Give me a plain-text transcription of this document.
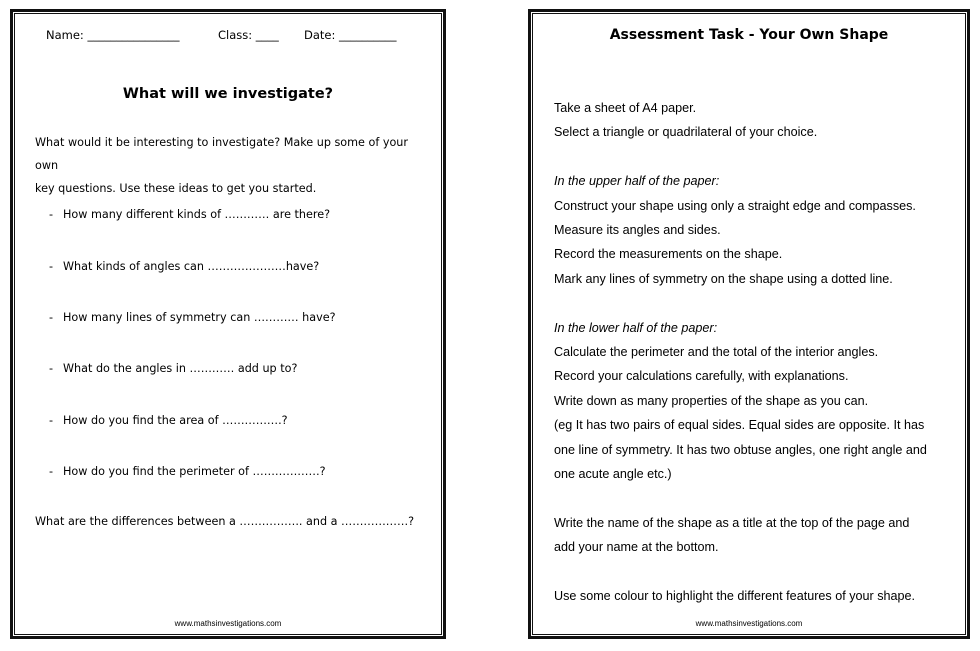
Name: ________________	Class: ____	Date: __________
What will we investigate?
What would it be interesting to investigate? Make up some of your own
key questions. Use these ideas to get you started.
- How many different kinds of ………… are there?
- What kinds of angles can …………………have?
- How many lines of symmetry can ………… have?
- What do the angles in ………… add up to?
- How do you find the area of …………….?
- How do you find the perimeter of ………………?
What are the differences between a …………….. and a ………………?
www.mathsinvestigations.com
Assessment Task - Your Own Shape
Take a sheet of A4 paper.
Select a triangle or quadrilateral of your choice.
In the upper half of the paper:
Construct your shape using only a straight edge and compasses.
Measure its angles and sides.
Record the measurements on the shape.
Mark any lines of symmetry on the shape using a dotted line.
In the lower half of the paper:
Calculate the perimeter and the total of the interior angles.
Record your calculations carefully, with explanations.
Write down as many properties of the shape as you can.
(eg It has two pairs of equal sides. Equal sides are opposite. It has
one line of symmetry. It has two obtuse angles, one right angle and
one acute angle etc.)
Write the name of the shape as a title at the top of the page and
add your name at the bottom.
Use some colour to highlight the different features of your shape.
www.mathsinvestigations.com
